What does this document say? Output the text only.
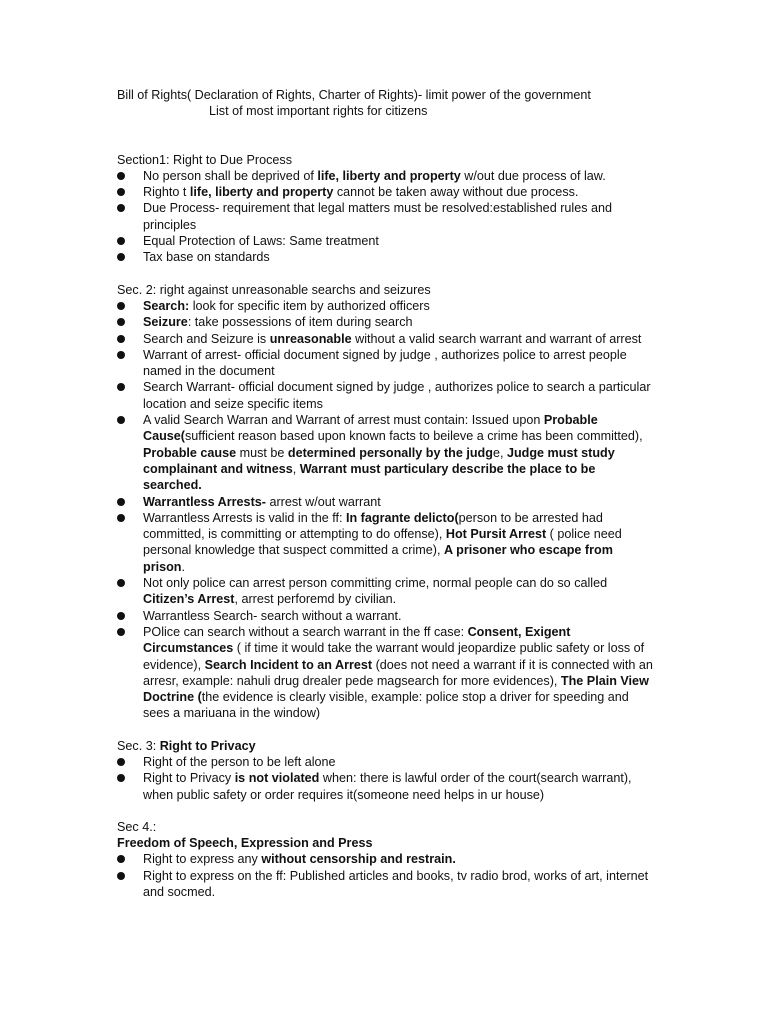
Bill of Rights( Declaration of Rights, Charter of Rights)- limit power of the government

List of most important rights for citizens

Section1: Right to Due Process

No person shall be deprived of life, liberty and property w/out due process of law.
Righto t life, liberty and property cannot be taken away without due process.
Due Process- requirement that legal matters must be resolved:established rules and principles
Equal Protection of Laws: Same treatment
Tax base on standards

Sec. 2: right against unreasonable searchs and seizures

Search: look for specific item by authorized officers
Seizure: take possessions of item during search
Search and Seizure is unreasonable without a valid search warrant and warrant of arrest
Warrant of arrest- official document signed by judge , authorizes police to arrest people named in the document
Search Warrant- official document signed by judge , authorizes police to search a particular location and seize specific items
A valid Search Warran and Warrant of arrest must contain: Issued upon Probable Cause(sufficient reason based upon known facts to beileve a crime has been committed), Probable cause must be determined personally by the judge, Judge must study complainant and witness, Warrant must particulary describe the place to be searched.
Warrantless Arrests- arrest w/out warrant
Warrantless Arrests is valid in the ff: In fagrante delicto(person to be arrested had committed, is committing or attempting to do offense), Hot Pursit Arrest ( police need personal knowledge that suspect committed a crime), A prisoner who escape from prison.
Not only police can arrest person committing crime, normal people can do so called Citizen’s Arrest, arrest perforemd by civilian.
Warrantless Search- search without a warrant.
POlice can search without a search warrant in the ff case: Consent, Exigent Circumstances ( if time it would take the warrant would jeopardize public safety or loss of evidence), Search Incident to an Arrest (does not need a warrant if it is connected with an arresr, example: nahuli drug drealer pede magsearch for more evidences), The Plain View Doctrine (the evidence is clearly visible, example: police stop a driver for speeding and sees a mariuana in the window)

Sec. 3: Right to Privacy

Right of the person to be left alone
Right to Privacy is not violated when: there is lawful order of the court(search warrant), when public safety or order requires it(someone need helps in ur house)

Sec 4.:

Freedom of Speech, Expression and Press

Right to express any without censorship and restrain.
Right to express on the ff: Published articles and books, tv radio brod, works of art, internet and socmed.
